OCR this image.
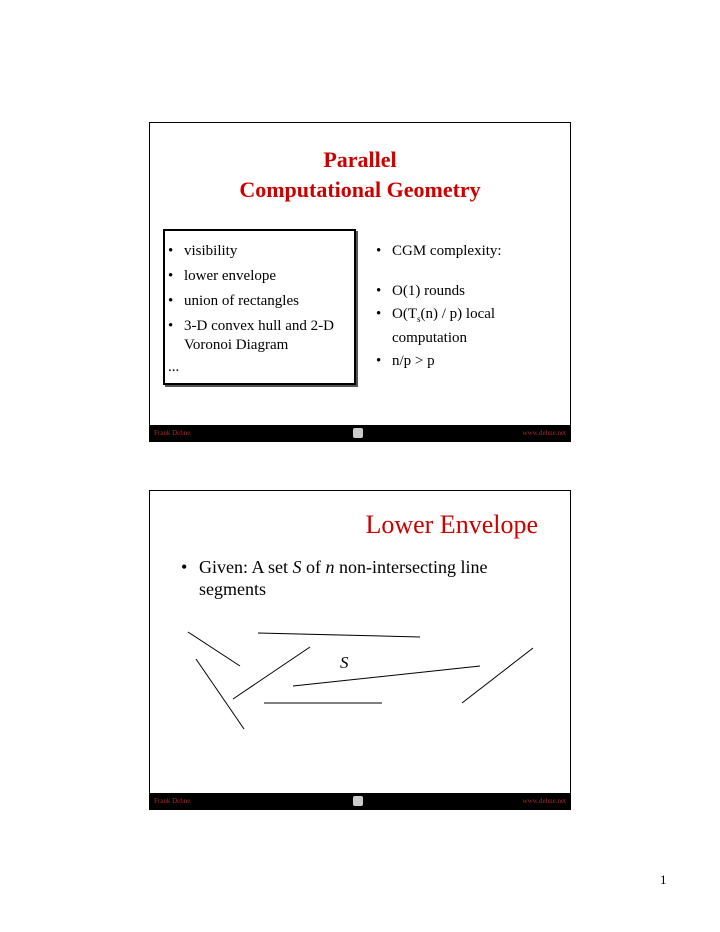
Parallel
Computational Geometry
• visibility
• lower envelope
• union of rectangles
• 3-D convex hull and 2-D Voronoi Diagram
...
• CGM complexity:
• O(1) rounds
• $O(T_s(n) / p)$ local computation
• n/p > p
Frank Dehne	www.dehne.net
Lower Envelope
• Given: A set S of n non-intersecting line segments
S
Frank Dehne	www.dehne.net
1
